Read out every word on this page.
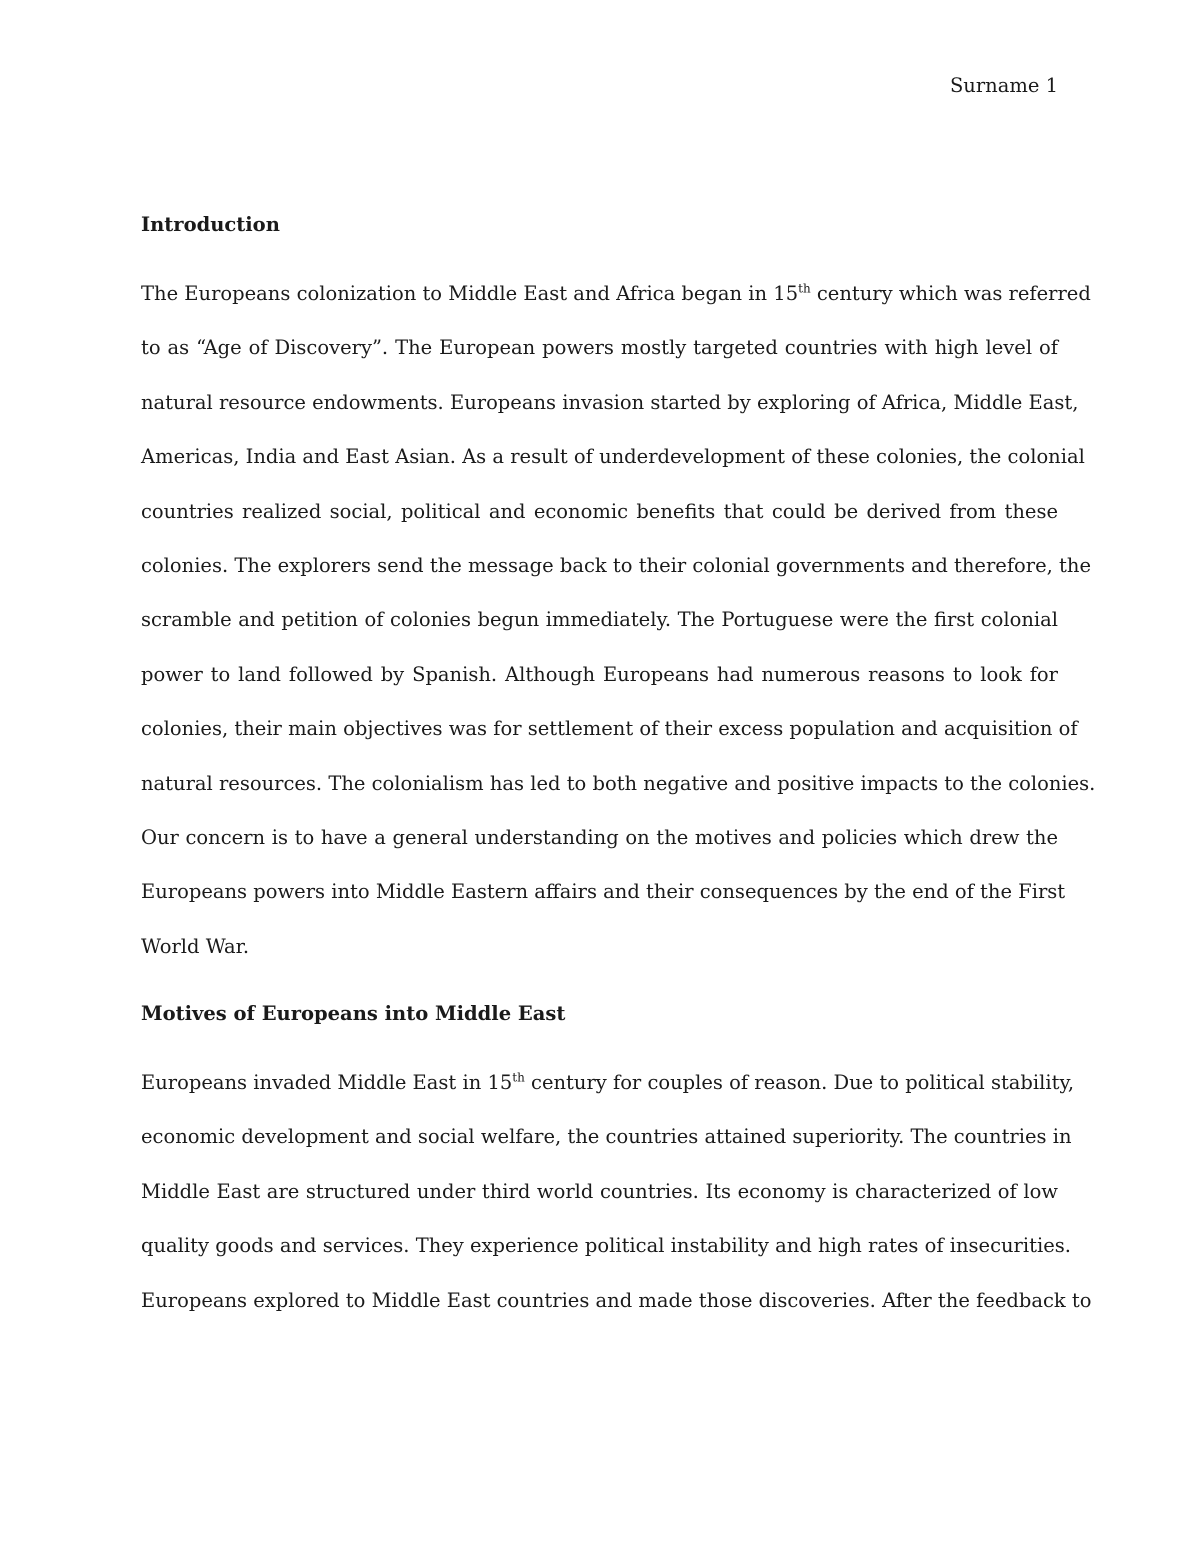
Surname 1
Introduction
The Europeans colonization to Middle East and Africa began in 15th century which was referred
to as “Age of Discovery”. The European powers mostly targeted countries with high level of
natural resource endowments. Europeans invasion started by exploring of Africa, Middle East,
Americas, India and East Asian. As a result of underdevelopment of these colonies, the colonial
countries realized social, political and economic benefits that could be derived from these
colonies. The explorers send the message back to their colonial governments and therefore, the
scramble and petition of colonies begun immediately. The Portuguese were the first colonial
power to land followed by Spanish. Although Europeans had numerous reasons to look for
colonies, their main objectives was for settlement of their excess population and acquisition of
natural resources. The colonialism has led to both negative and positive impacts to the colonies.
Our concern is to have a general understanding on the motives and policies which drew the
Europeans powers into Middle Eastern affairs and their consequences by the end of the First
World War.
Motives of Europeans into Middle East
Europeans invaded Middle East in 15th century for couples of reason. Due to political stability,
economic development and social welfare, the countries attained superiority. The countries in
Middle East are structured under third world countries. Its economy is characterized of low
quality goods and services. They experience political instability and high rates of insecurities.
Europeans explored to Middle East countries and made those discoveries. After the feedback to
